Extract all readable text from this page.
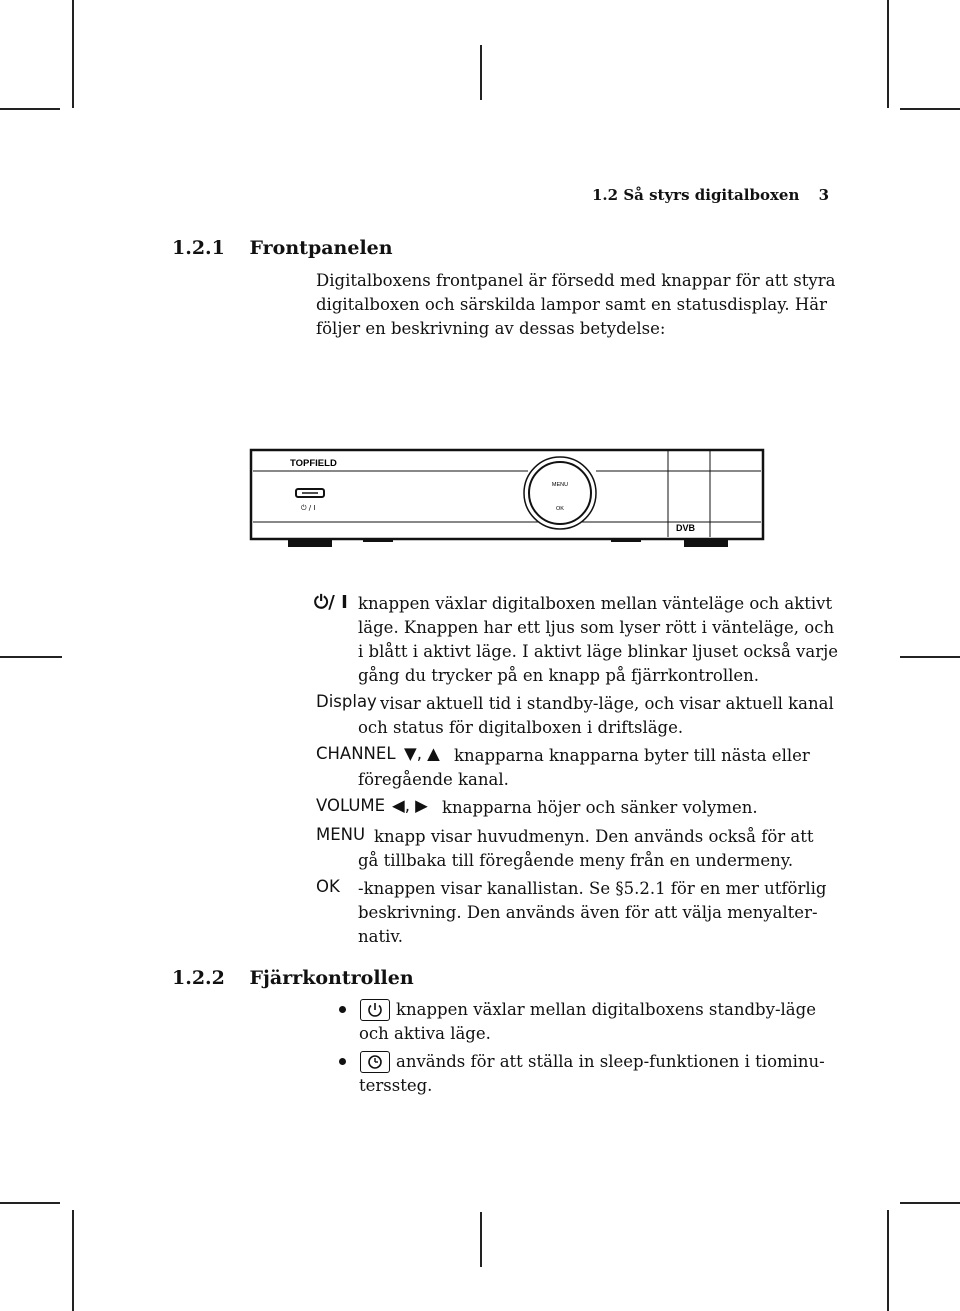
1.2 Så styrs digitalboxen 3
1.2.1 Frontpanelen
Digitalboxens frontpanel är försedd med knappar för att styra
digitalboxen och särskilda lampor samt en statusdisplay. Här
följer en beskrivning av dessas betydelse:
TOPFIELD
⏻ / I
MENU
OK
DVB
⏻/ I knappen växlar digitalboxen mellan vänteläge och aktivt
läge. Knappen har ett ljus som lyser rött i vänteläge, och
i blått i aktivt läge. I aktivt läge blinkar ljuset också varje
gång du trycker på en knapp på fjärrkontrollen.
Display visar aktuell tid i standby-läge, och visar aktuell kanal
och status för digitalboxen i driftsläge.
CHANNEL ▼, ▲ knapparna knapparna byter till nästa eller
föregående kanal.
VOLUME ◀, ▶ knapparna höjer och sänker volymen.
MENU knapp visar huvudmenyn. Den används också för att
gå tillbaka till föregående meny från en undermeny.
OK -knappen visar kanallistan. Se §5.2.1 för en mer utförlig
beskrivning. Den används även för att välja menyalter-
nativ.
1.2.2 Fjärrkontrollen
knappen växlar mellan digitalboxens standby-läge
och aktiva läge.
används för att ställa in sleep-funktionen i tiominu-
terssteg.
